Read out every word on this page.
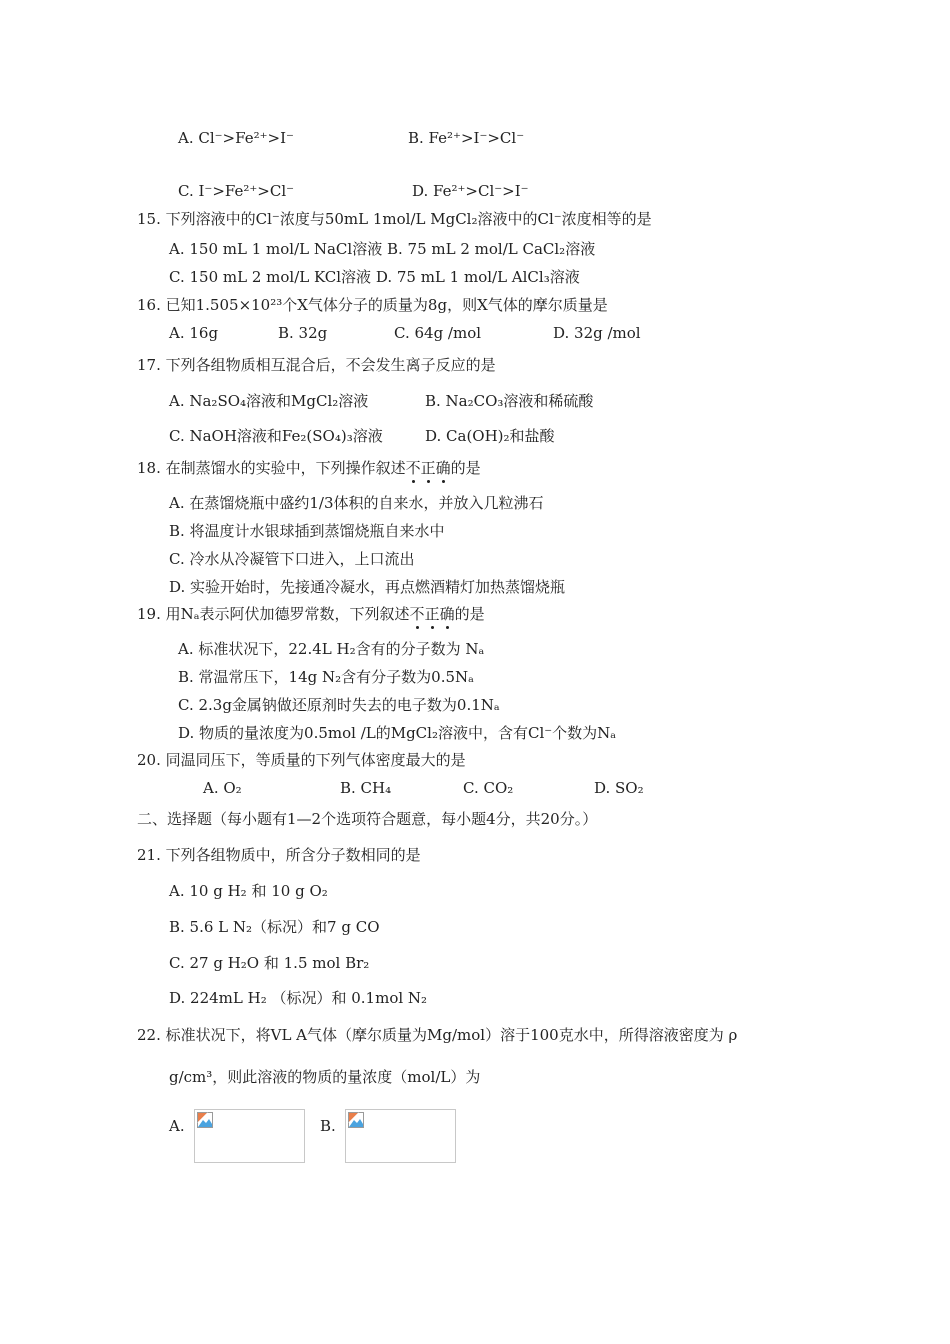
A. Cl⁻>Fe²⁺>I⁻	B. Fe²⁺>I⁻>Cl⁻
C. I⁻>Fe²⁺>Cl⁻	D. Fe²⁺>Cl⁻>I⁻
15. 下列溶液中的Cl⁻浓度与50mL 1mol/L MgCl₂溶液中的Cl⁻浓度相等的是
A. 150 mL 1 mol/L NaCl溶液 B. 75 mL 2 mol/L CaCl₂溶液
C. 150 mL 2 mol/L KCl溶液 D. 75 mL 1 mol/L AlCl₃溶液
16. 已知1.505×10²³个X气体分子的质量为8g，则X气体的摩尔质量是
A. 16g	B. 32g	C. 64g /mol	D. 32g /mol
17. 下列各组物质相互混合后，不会发生离子反应的是
A. Na₂SO₄溶液和MgCl₂溶液	B. Na₂CO₃溶液和稀硫酸
C. NaOH溶液和Fe₂(SO₄)₃溶液	D. Ca(OH)₂和盐酸
18. 在制蒸馏水的实验中，下列操作叙述不正确的是
A. 在蒸馏烧瓶中盛约1/3体积的自来水，并放入几粒沸石
B. 将温度计水银球插到蒸馏烧瓶自来水中
C. 冷水从冷凝管下口进入，上口流出
D. 实验开始时，先接通冷凝水，再点燃酒精灯加热蒸馏烧瓶
19. 用Nₐ表示阿伏加德罗常数，下列叙述不正确的是
A. 标准状况下，22.4L H₂含有的分子数为 Nₐ
B. 常温常压下，14g N₂含有分子数为0.5Nₐ
C. 2.3g金属钠做还原剂时失去的电子数为0.1Nₐ
D. 物质的量浓度为0.5mol /L的MgCl₂溶液中，含有Cl⁻个数为Nₐ
20. 同温同压下，等质量的下列气体密度最大的是
A. O₂	B. CH₄	C. CO₂	D. SO₂
二、选择题（每小题有1—2个选项符合题意，每小题4分，共20分。）
21. 下列各组物质中，所含分子数相同的是
A. 10 g H₂ 和 10 g O₂
B. 5.6 L N₂（标况）和7 g CO
C. 27 g H₂O 和 1.5 mol Br₂
D. 224mL H₂ （标况）和 0.1mol N₂
22. 标准状况下，将VL A气体（摩尔质量为Mg/mol）溶于100克水中，所得溶液密度为 ρ
g/cm³，则此溶液的物质的量浓度（mol/L）为
A.	B.
